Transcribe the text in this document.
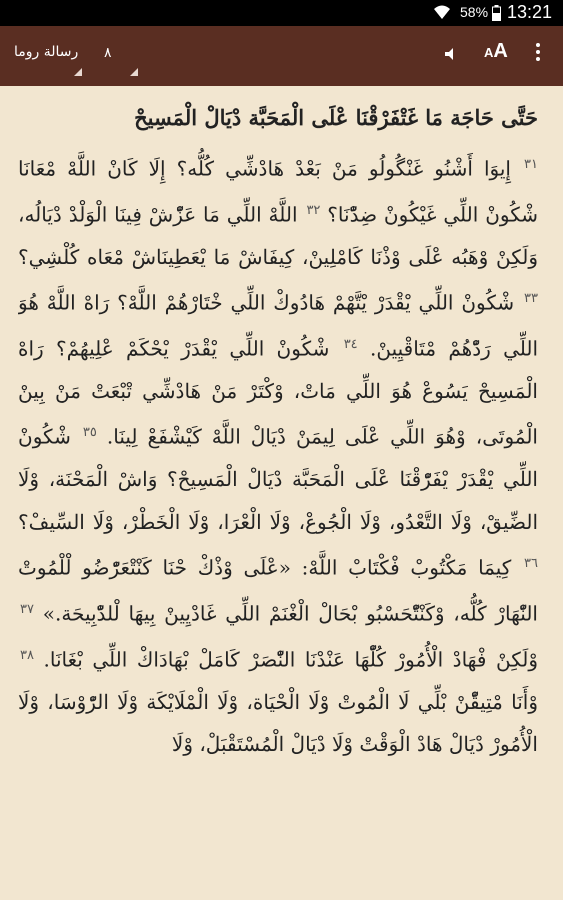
58% 13:21
رسالة روما ٨	AA
حَتَّى حَاجَة مَا غَتْفَرْقْنَا عْلَى الْمَحَبَّة دْيَالْ الْمَسِيحْ

$^{٣١}$ إِيوَا أَشْنُو غَنْگُولُو مَنْ بَعْدْ هَادْشِّي كُلُّه؟ إِلَا كَانْ اللَّهْ مْعَانَا شْكُونْ اللِّي غَيْكُونْ ضِدّْنَا؟ $^{٣٢}$ اللَّهْ اللِّي مَا عَزّْشْ فِينَا الْوَلْدْ دْيَالُه، وَلَكِنْ وْهَبُه عْلَى وْذْنَا كَامْلِينْ، كِيفَاشْ مَا يْعَطِينَاشْ مْعَاه كُلْشِي؟ $^{٣٣}$ شْكُونْ اللِّي يْقْدَرْ يْتَّهْمْ هَادُوكْ اللِّي خْتَارْهُمْ اللَّهْ؟ رَاهْ اللَّهْ هُوَ اللِّي رَدّْهُمْ مْتَاقْيِينْ. $^{٣٤}$ شْكُونْ اللِّي يْقْدَرْ يْحْكَمْ عْلِيهُمْ؟ رَاهْ الْمَسِيحْ يَسُوعْ هُوَ اللِّي مَاتْ، وْكْتَرْ مَنْ هَادْشِّي تْبْعَتْ مَنْ بِينْ الْمُوتَى، وْهُوَ اللِّي عْلَى لِيمَنْ دْيَالْ اللَّهْ كَيْشْفَعْ لِينَا. $^{٣٥}$ شْكُونْ اللِّي يْقْدَرْ يْفَرّْقْنَا عْلَى الْمَحَبَّة دْيَالْ الْمَسِيحْ؟ وَاشْ الْمَحْنَة، وْلَا الضِّيقْ، وْلَا التَّعْدُو، وْلَا الْجُوعْ، وْلَا الْعْرَا، وْلَا الْخَطْرْ، وْلَا السِّيفْ؟ $^{٣٦}$ كِيمَا مَكْتُوبْ فْكْتَابْ اللَّهْ: «عْلَى وْذْكْ حْنَا كَنْتْعَرّْضُو لْلْمُوتْ النّْهَارْ كُلُّه، وْكَنْتّْحَسْبُو بْحَالْ الْغْنَمْ اللِّي غَادْيِينْ بِيهَا لْلدّْبِيحَة.» $^{٣٧}$ وْلَكِنْ فْهَادْ الْأُمُورْ كُلّْهَا عَنْدْنَا النّْصَرْ كَامَلْ بْهَادَاكْ اللِّي بْغَانَا. $^{٣٨}$ وْأَنَا مْتِيقّْنْ بْلِّي لَا الْمُوتْ وْلَا الْحْيَاة، وْلَا الْمْلَايْكَة وْلَا الرّْوْسَا، وْلَا الْأُمُورْ دْيَالْ هَادْ الْوَقْتْ وْلَا دْيَالْ الْمُسْتَقْبَلْ، وْلَا
